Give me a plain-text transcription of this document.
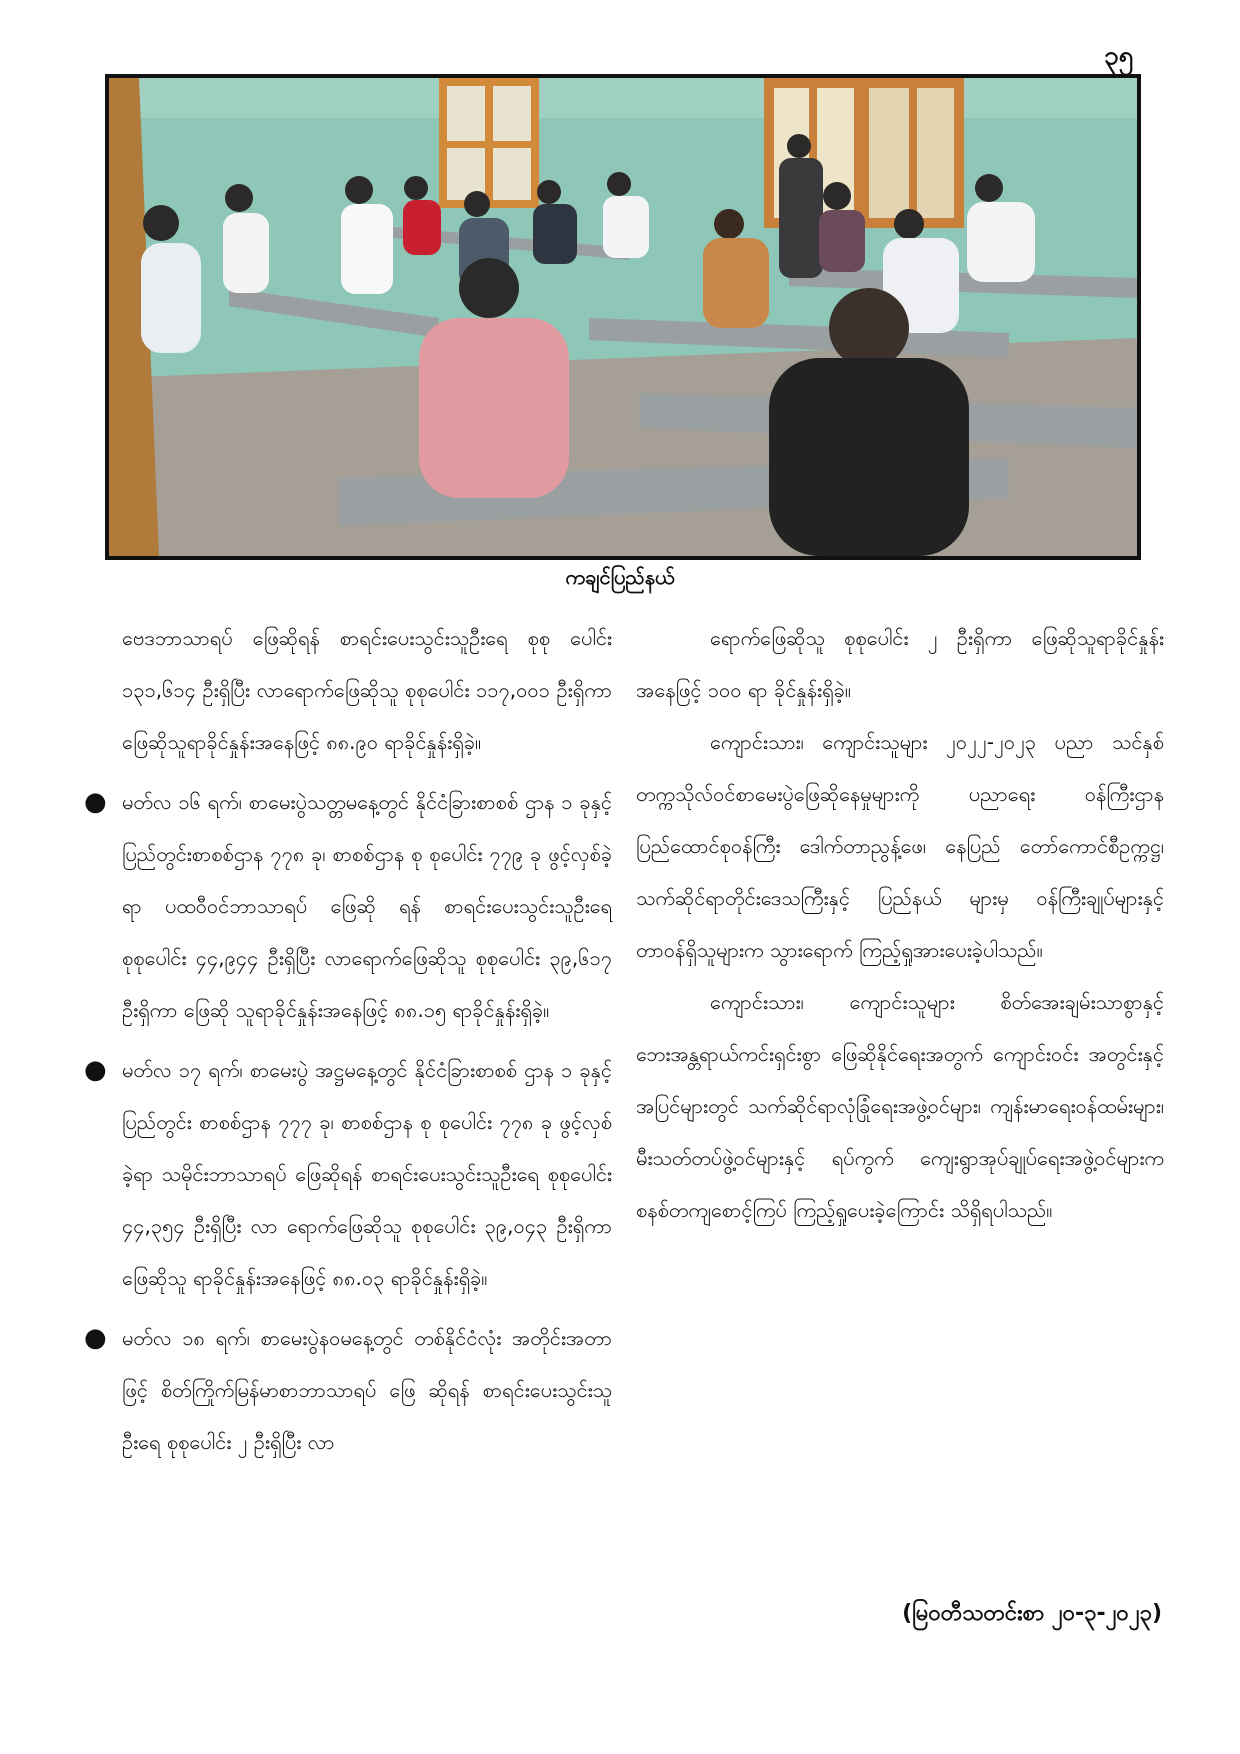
၃၅
ကချင်ပြည်နယ်

ဗေဒဘာသာရပ် ဖြေဆိုရန် စာရင်းပေးသွင်းသူဦးရေ စုစု ပေါင်း ၁၃၁,၆၁၄ ဦးရှိပြီး လာရောက်ဖြေဆိုသူ စုစုပေါင်း ၁၁၇,၀၀၁ ဦးရှိကာ ဖြေဆိုသူရာခိုင်နှုန်းအနေဖြင့် ၈၈.၉၀ ရာခိုင်နှုန်းရှိခဲ့။

● မတ်လ ၁၆ ရက်၊ စာမေးပွဲသတ္တမနေ့တွင် နိုင်ငံခြားစာစစ် ဌာန ၁ ခုနှင့် ပြည်တွင်းစာစစ်ဌာန ၇၇၈ ခု၊ စာစစ်ဌာန စု စုပေါင်း ၇၇၉ ခု ဖွင့်လှစ်ခဲ့ရာ ပထဝီဝင်ဘာသာရပ် ဖြေဆို ရန် စာရင်းပေးသွင်းသူဦးရေ စုစုပေါင်း ၄၄,၉၄၄ ဦးရှိပြီး လာရောက်ဖြေဆိုသူ စုစုပေါင်း ၃၉,၆၁၇ ဦးရှိကာ ဖြေဆို သူရာခိုင်နှုန်းအနေဖြင့် ၈၈.၁၅ ရာခိုင်နှုန်းရှိခဲ့။

● မတ်လ ၁၇ ရက်၊ စာမေးပွဲ အဋ္ဌမနေ့တွင် နိုင်ငံခြားစာစစ် ဌာန ၁ ခုနှင့် ပြည်တွင်း စာစစ်ဌာန ၇၇၇ ခု၊ စာစစ်ဌာန စု စုပေါင်း ၇၇၈ ခု ဖွင့်လှစ်ခဲ့ရာ သမိုင်းဘာသာရပ် ဖြေဆိုရန် စာရင်းပေးသွင်းသူဦးရေ စုစုပေါင်း ၄၄,၃၅၄ ဦးရှိပြီး လာ ရောက်ဖြေဆိုသူ စုစုပေါင်း ၃၉,၀၄၃ ဦးရှိကာ ဖြေဆိုသူ ရာခိုင်နှုန်းအနေဖြင့် ၈၈.၀၃ ရာခိုင်နှုန်းရှိခဲ့။

● မတ်လ ၁၈ ရက်၊ စာမေးပွဲနဝမနေ့တွင် တစ်နိုင်ငံလုံး အတိုင်းအတာဖြင့် စိတ်ကြိုက်မြန်မာစာဘာသာရပ် ဖြေ ဆိုရန် စာရင်းပေးသွင်းသူဦးရေ စုစုပေါင်း ၂ ဦးရှိပြီး လာ

ရောက်ဖြေဆိုသူ စုစုပေါင်း ၂ ဦးရှိကာ ဖြေဆိုသူရာခိုင်နှုန်း အနေဖြင့် ၁၀၀ ရာ ခိုင်နှုန်းရှိခဲ့။

ကျောင်းသား၊ ကျောင်းသူများ ၂၀၂၂-၂၀၂၃ ပညာ သင်နှစ် တက္ကသိုလ်ဝင်စာမေးပွဲဖြေဆိုနေမှုများကို ပညာရေး ဝန်ကြီးဌာန ပြည်ထောင်စုဝန်ကြီး ဒေါက်တာညွန့်ဖေ၊ နေပြည် တော်ကောင်စီဥက္ကဋ္ဌ၊ သက်ဆိုင်ရာတိုင်းဒေသကြီးနှင့် ပြည်နယ် များမှ ဝန်ကြီးချုပ်များနှင့် တာဝန်ရှိသူများက သွားရောက် ကြည့်ရှုအားပေးခဲ့ပါသည်။

ကျောင်းသား၊ ကျောင်းသူများ စိတ်အေးချမ်းသာစွာနှင့် ဘေးအန္တရာယ်ကင်းရှင်းစွာ ဖြေဆိုနိုင်ရေးအတွက် ကျောင်းဝင်း အတွင်းနှင့်အပြင်များတွင် သက်ဆိုင်ရာလုံခြုံရေးအဖွဲ့ဝင်များ၊ ကျန်းမာရေးဝန်ထမ်းများ၊ မီးသတ်တပ်ဖွဲ့ဝင်များနှင့် ရပ်ကွက် ကျေးရွာအုပ်ချုပ်ရေးအဖွဲ့ဝင်များက စနစ်တကျစောင့်ကြပ် ကြည့်ရှုပေးခဲ့ကြောင်း သိရှိရပါသည်။

(မြဝတီသတင်းစာ ၂၀-၃-၂၀၂၃)
